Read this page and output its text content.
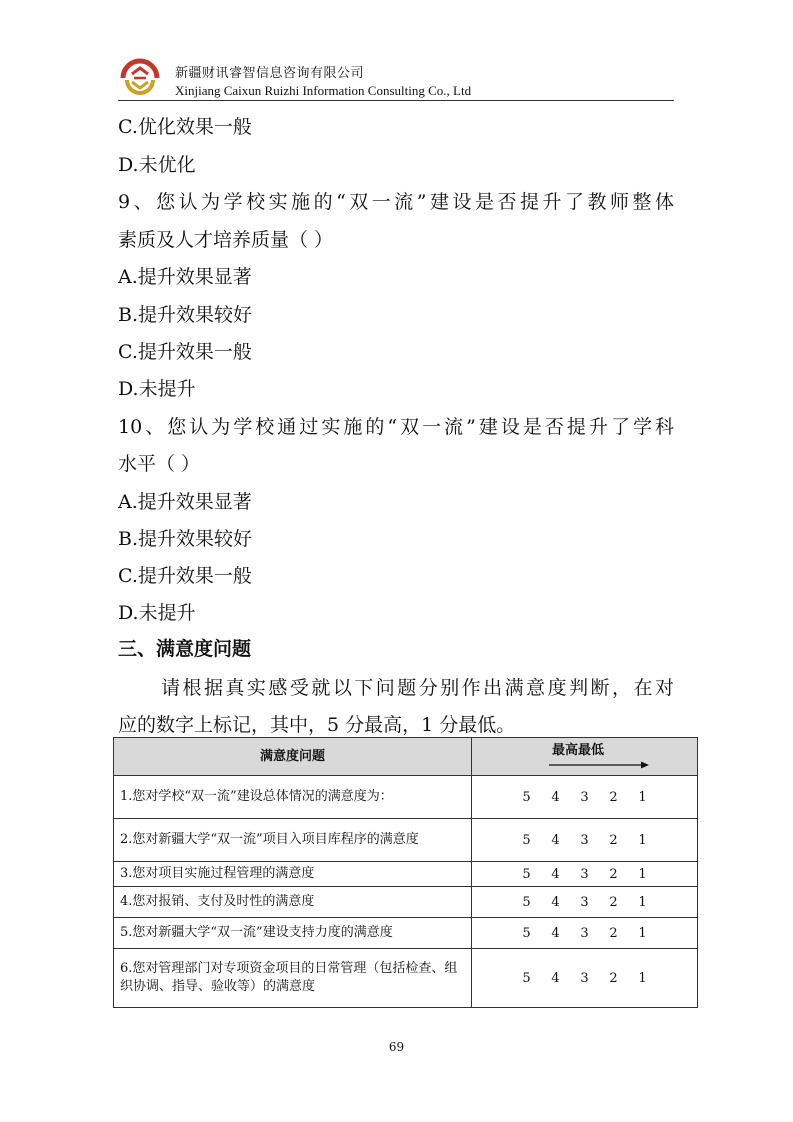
新疆财讯睿智信息咨询有限公司
Xinjiang Caixun Ruizhi Information Consulting Co., Ltd
C.优化效果一般
D.未优化
9、您认为学校实施的“双一流”建设是否提升了教师整体
素质及人才培养质量（ ）
A.提升效果显著
B.提升效果较好
C.提升效果一般
D.未提升
10、您认为学校通过实施的“双一流”建设是否提升了学科
水平（ ）
A.提升效果显著
B.提升效果较好
C.提升效果一般
D.未提升
三、满意度问题
请根据真实感受就以下问题分别作出满意度判断，在对
应的数字上标记，其中，5 分最高，1 分最低。
满意度问题	最高最低

1.您对学校“双一流”建设总体情况的满意度为：	5 4 3 2 1
2.您对新疆大学“双一流”项目入项目库程序的满意度	5 4 3 2 1
3.您对项目实施过程管理的满意度	5 4 3 2 1
4.您对报销、支付及时性的满意度	5 4 3 2 1
5.您对新疆大学“双一流”建设支持力度的满意度	5 4 3 2 1
6.您对管理部门对专项资金项目的日常管理（包括检查、组织协调、指导、验收等）的满意度	5 4 3 2 1
69
